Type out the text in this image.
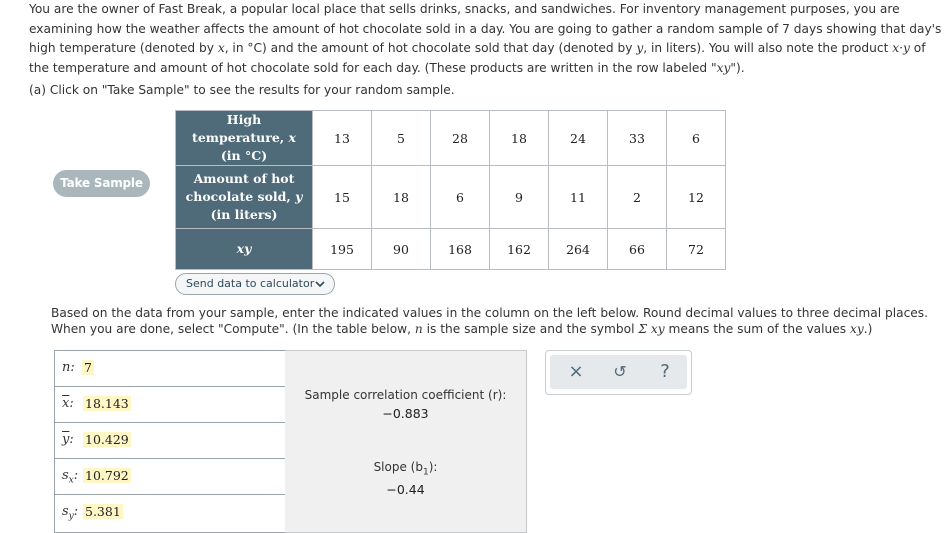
You are the owner of Fast Break, a popular local place that sells drinks, snacks, and sandwiches. For inventory management purposes, you are examining how the weather affects the amount of hot chocolate sold in a day. You are going to gather a random sample of 7 days showing that day's high temperature (denoted by x, in °C) and the amount of hot chocolate sold that day (denoted by y, in liters). You will also note the product x·y of the temperature and amount of hot chocolate sold for each day. (These products are written in the row labeled "xy").
(a) Click on "Take Sample" to see the results for your random sample.
Take Sample
High temperature, x
(in °C)	13	5	28	18	24	33	6
Amount of hot
chocolate sold, y
(in liters)	15	18	6	9	11	2	12
xy	195	90	168	162	264	66	72
Send data to calculator
Based on the data from your sample, enter the indicated values in the column on the left below. Round decimal values to three decimal places. When you are done, select "Compute". (In the table below, n is the sample size and the symbol Σ xy means the sum of the values xy.)
n: 7
$\overline{x}$: 18.143
$\overline{y}$: 10.429
$s_x$: 10.792
$s_y$: 5.381
Sample correlation coefficient (r):
−0.883
Slope $(b_1)$:
−0.44
×	↺	?
